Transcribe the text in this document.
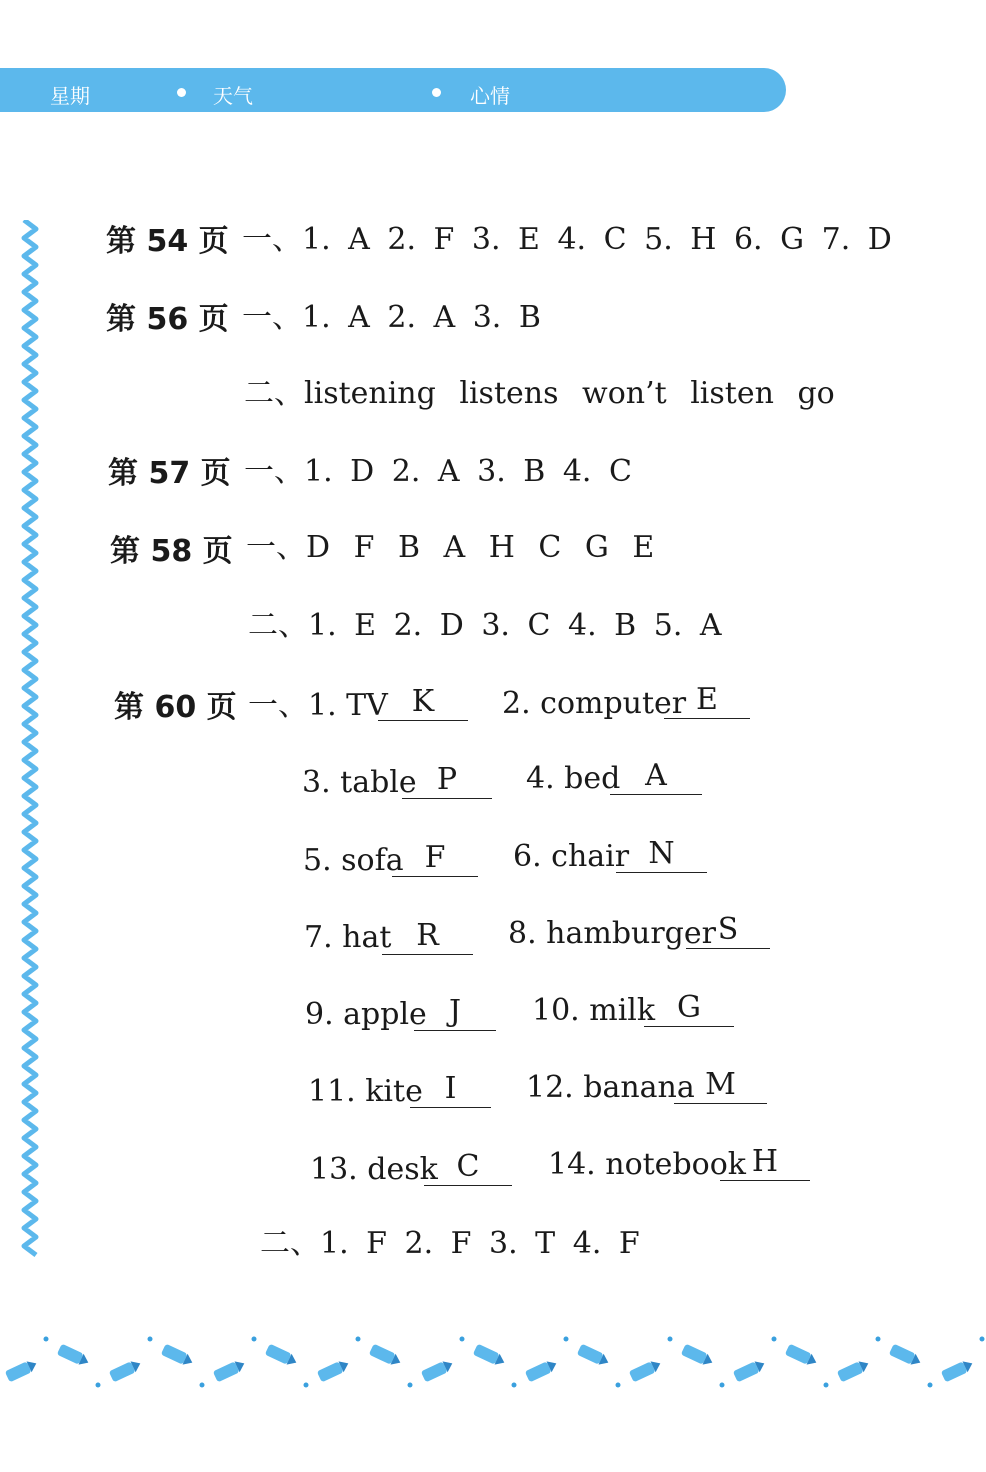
星期	天气	心情
第 54 页 一、1. A 2. F 3. E 4. C 5. H 6. G 7. D
第 56 页 一、1. A 2. A 3. B
二、listening listens won’t listen go
第 57 页 一、1. D 2. A 3. B 4. C
第 58 页 一、D F B A H C G E
二、1. E 2. D 3. C 4. B 5. A
第 60 页 一、1. TV K	2. computer E
3. table P	4. bed A
5. sofa F	6. chair N
7. hat R	8. hamburger S
9. apple J	10. milk G
11. kite I	12. banana M
13. desk C	14. notebook H
二、1. F 2. F 3. T 4. F
